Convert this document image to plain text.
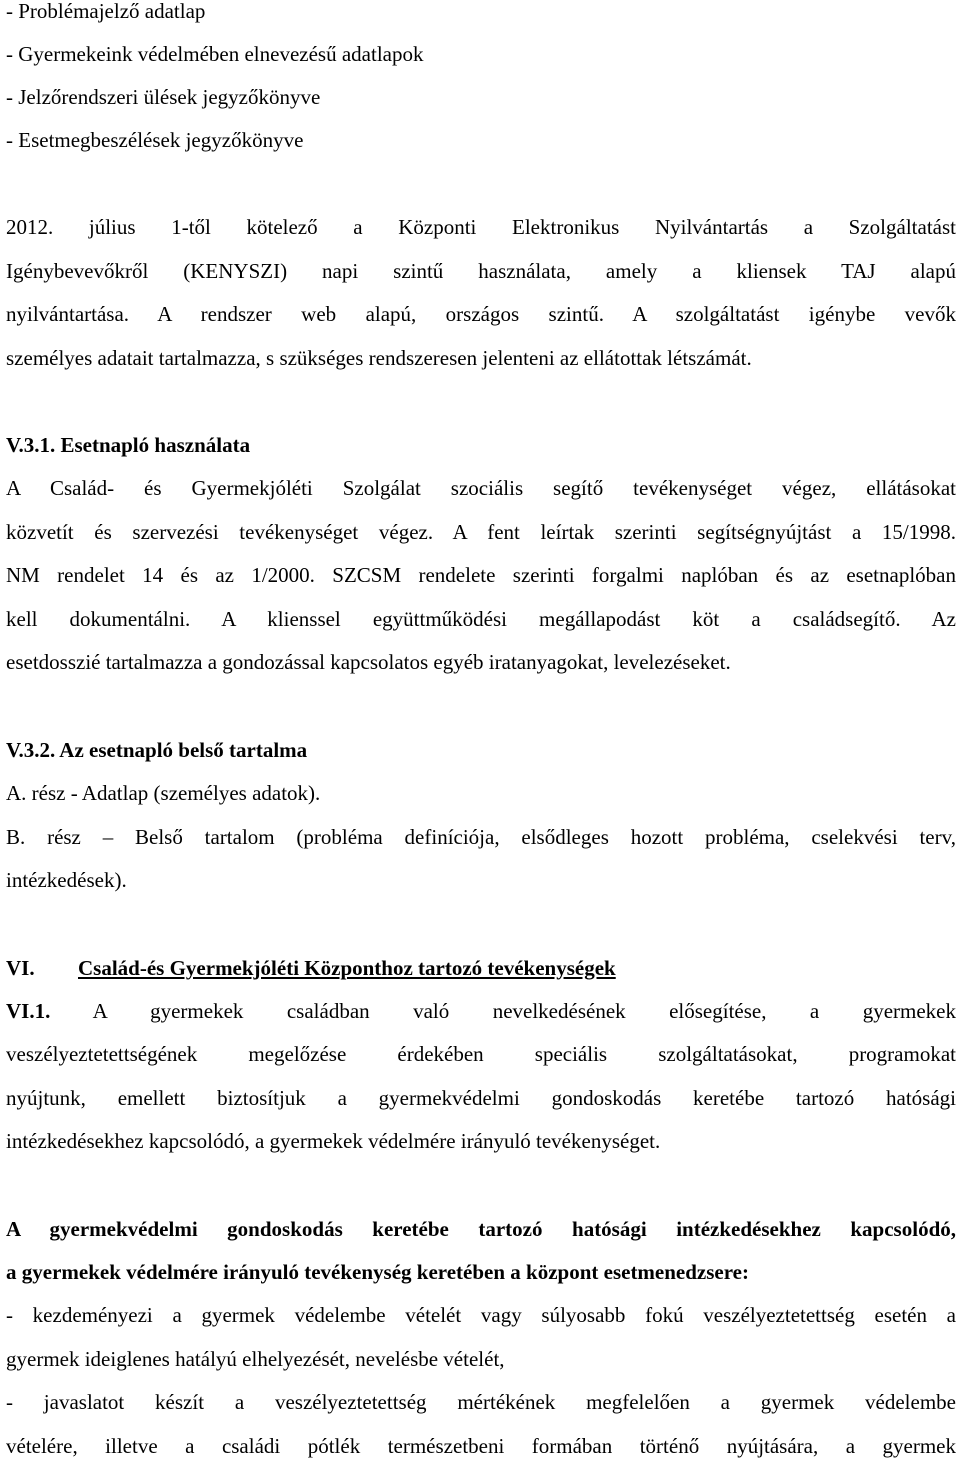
- Problémajelző adatlap
- Gyermekeink védelmében elnevezésű adatlapok
- Jelzőrendszeri ülések jegyzőkönyve
- Esetmegbeszélések jegyzőkönyve
2012. július 1-től kötelező a Központi Elektronikus Nyilvántartás a Szolgáltatást
Igénybevevőkről (KENYSZI) napi szintű használata, amely a kliensek TAJ alapú
nyilvántartása. A rendszer web alapú, országos szintű. A szolgáltatást igénybe vevők
személyes adatait tartalmazza, s szükséges rendszeresen jelenteni az ellátottak létszámát.
V.3.1. Esetnapló használata
A Család- és Gyermekjóléti Szolgálat szociális segítő tevékenységet végez, ellátásokat
közvetít és szervezési tevékenységet végez. A fent leírtak szerinti segítségnyújtást a 15/1998.
NM rendelet 14 és az 1/2000. SZCSM rendelete szerinti forgalmi naplóban és az esetnaplóban
kell dokumentálni. A klienssel együttműködési megállapodást köt a családsegítő. Az
esetdosszié tartalmazza a gondozással kapcsolatos egyéb iratanyagokat, levelezéseket.
V.3.2. Az esetnapló belső tartalma
A. rész - Adatlap (személyes adatok).
B. rész – Belső tartalom (probléma definíciója, elsődleges hozott probléma, cselekvési terv,
intézkedések).
VI. Család-és Gyermekjóléti Központhoz tartozó tevékenységek
VI.1. A gyermekek családban való nevelkedésének elősegítése, a gyermekek
veszélyeztetettségének megelőzése érdekében speciális szolgáltatásokat, programokat
nyújtunk, emellett biztosítjuk a gyermekvédelmi gondoskodás keretébe tartozó hatósági
intézkedésekhez kapcsolódó, a gyermekek védelmére irányuló tevékenységet.
A gyermekvédelmi gondoskodás keretébe tartozó hatósági intézkedésekhez kapcsolódó,
a gyermekek védelmére irányuló tevékenység keretében a központ esetmenedzsere:
- kezdeményezi a gyermek védelembe vételét vagy súlyosabb fokú veszélyeztetettség esetén a
gyermek ideiglenes hatályú elhelyezését, nevelésbe vételét,
- javaslatot készít a veszélyeztetettség mértékének megfelelően a gyermek védelembe
vételére, illetve a családi pótlék természetbeni formában történő nyújtására, a gyermek
